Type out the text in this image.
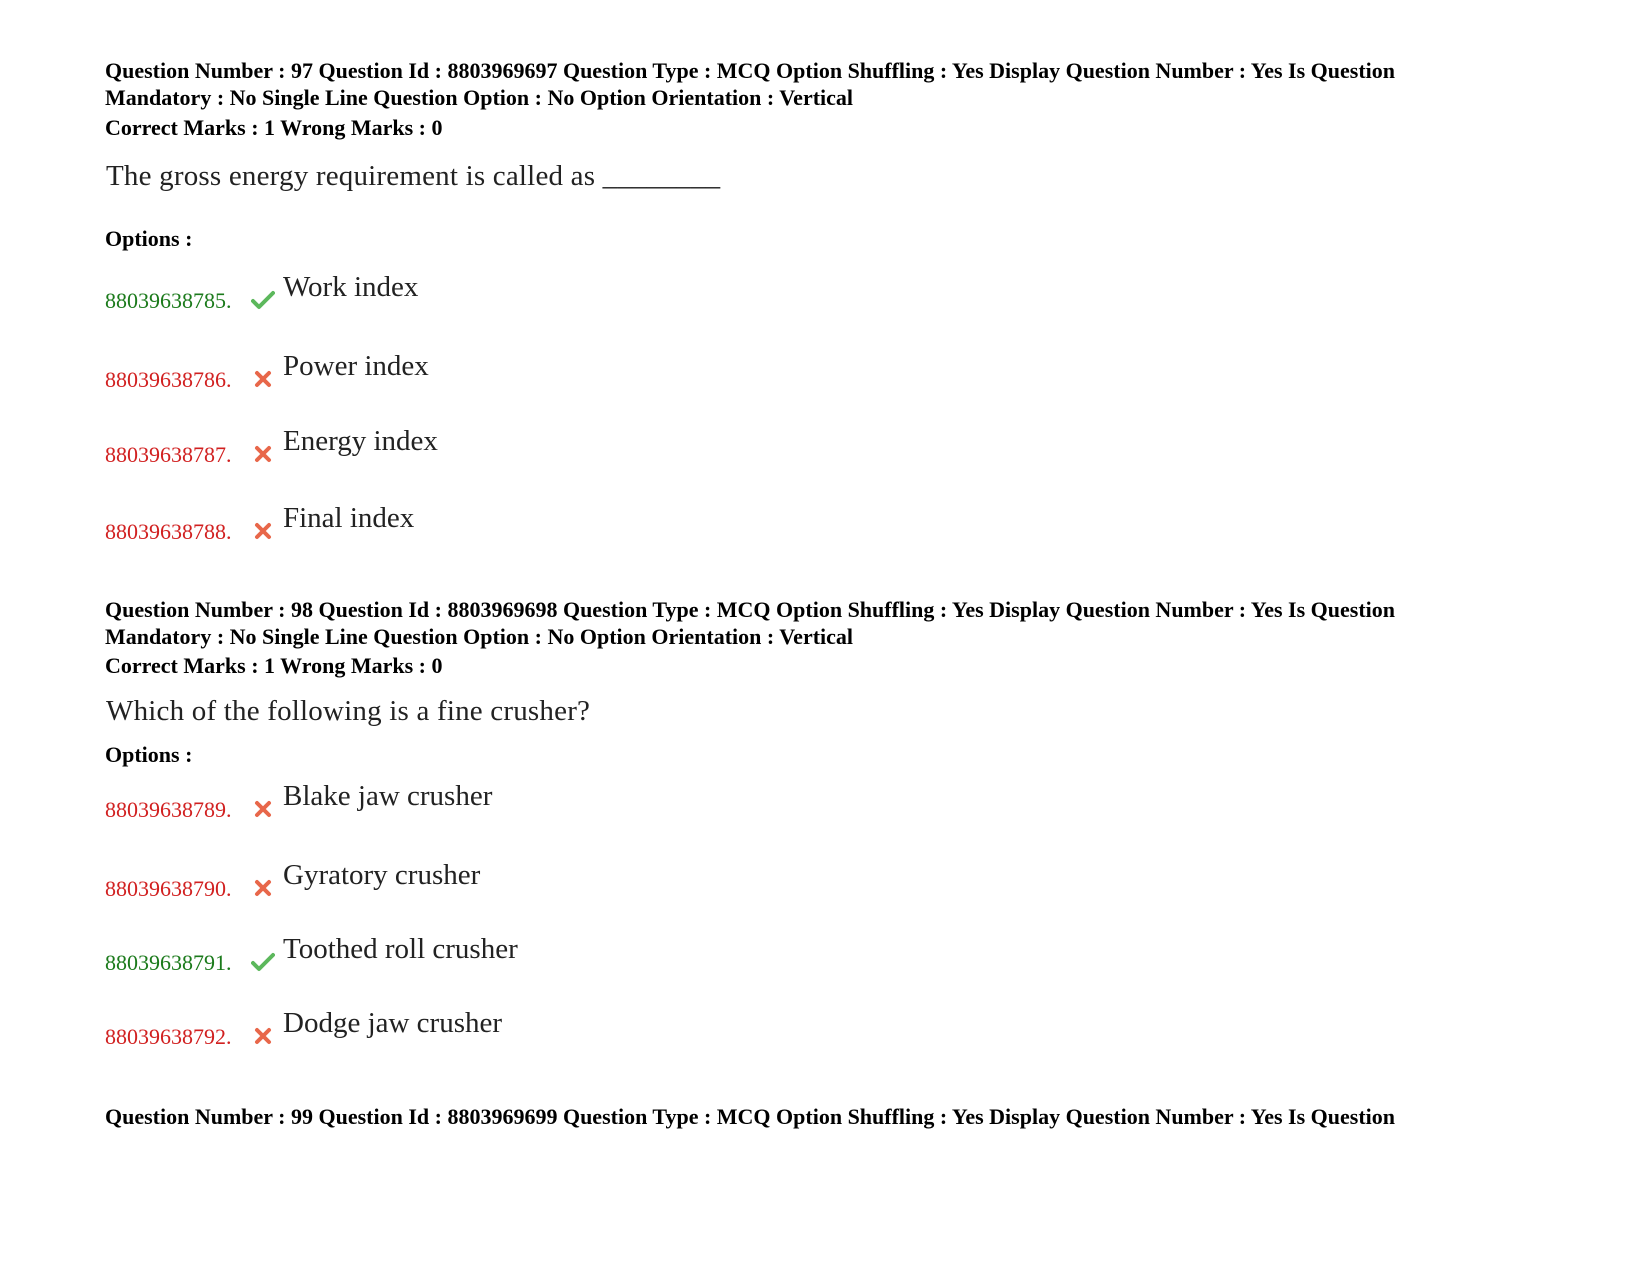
Question Number : 97 Question Id : 8803969697 Question Type : MCQ Option Shuffling : Yes Display Question Number : Yes Is Question
Mandatory : No Single Line Question Option : No Option Orientation : Vertical
Correct Marks : 1 Wrong Marks : 0
The gross energy requirement is called as ________
Options :
88039638785. Work index
88039638786. Power index
88039638787. Energy index
88039638788. Final index
Question Number : 98 Question Id : 8803969698 Question Type : MCQ Option Shuffling : Yes Display Question Number : Yes Is Question
Mandatory : No Single Line Question Option : No Option Orientation : Vertical
Correct Marks : 1 Wrong Marks : 0
Which of the following is a fine crusher?
Options :
88039638789. Blake jaw crusher
88039638790. Gyratory crusher
88039638791. Toothed roll crusher
88039638792. Dodge jaw crusher
Question Number : 99 Question Id : 8803969699 Question Type : MCQ Option Shuffling : Yes Display Question Number : Yes Is Question
